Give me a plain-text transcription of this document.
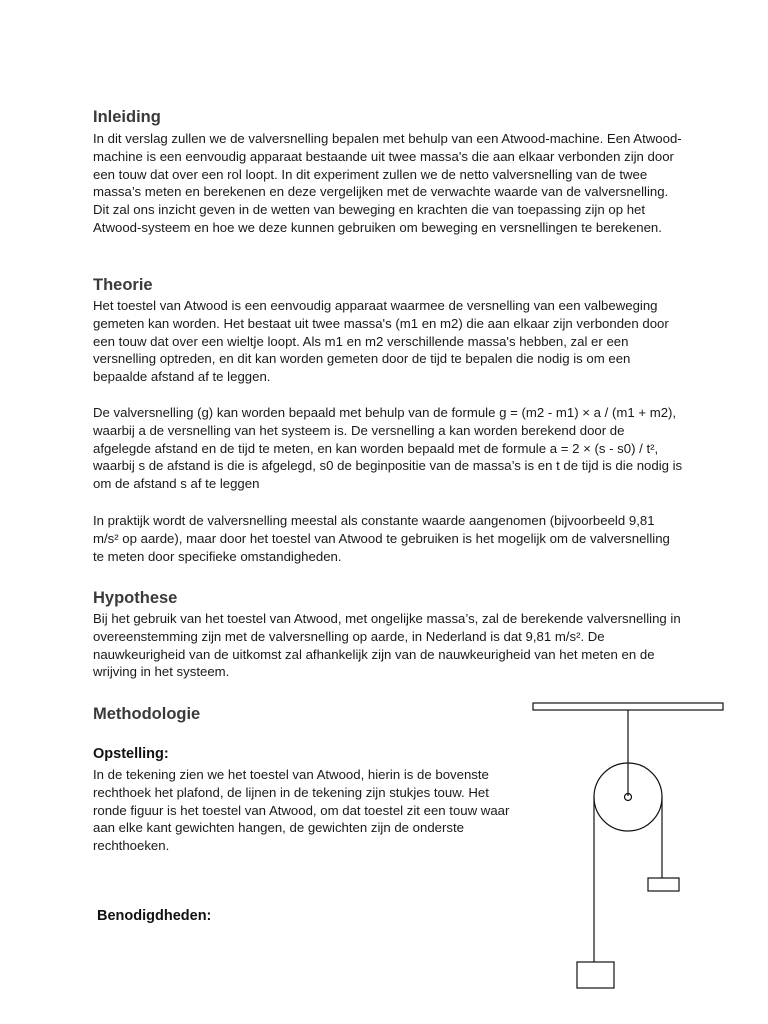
Inleiding

In dit verslag zullen we de valversnelling bepalen met behulp van een Atwood-machine. Een Atwood-machine is een eenvoudig apparaat bestaande uit twee massa's die aan elkaar verbonden zijn door een touw dat over een rol loopt. In dit experiment zullen we de netto valversnelling van de twee massa’s meten en berekenen en deze vergelijken met de verwachte waarde van de valversnelling. Dit zal ons inzicht geven in de wetten van beweging en krachten die van toepassing zijn op het Atwood-systeem en hoe we deze kunnen gebruiken om beweging en versnellingen te berekenen.

Theorie

Het toestel van Atwood is een eenvoudig apparaat waarmee de versnelling van een valbeweging gemeten kan worden. Het bestaat uit twee massa's (m1 en m2) die aan elkaar zijn verbonden door een touw dat over een wieltje loopt. Als m1 en m2 verschillende massa's hebben, zal er een versnelling optreden, en dit kan worden gemeten door de tijd te bepalen die nodig is om een bepaalde afstand af te leggen.

De valversnelling (g) kan worden bepaald met behulp van de formule g = (m2 - m1) × a / (m1 + m2), waarbij a de versnelling van het systeem is. De versnelling a kan worden berekend door de afgelegde afstand en de tijd te meten, en kan worden bepaald met de formule a = 2 × (s - s0) / t², waarbij s de afstand is die is afgelegd, s0 de beginpositie van de massa’s is en t de tijd is die nodig is om de afstand s af te leggen

In praktijk wordt de valversnelling meestal als constante waarde aangenomen (bijvoorbeeld 9,81 m/s² op aarde), maar door het toestel van Atwood te gebruiken is het mogelijk om de valversnelling te meten door specifieke omstandigheden.

Hypothese

Bij het gebruik van het toestel van Atwood, met ongelijke massa’s, zal de berekende valversnelling in overeenstemming zijn met de valversnelling op aarde, in Nederland is dat 9,81 m/s². De nauwkeurigheid van de uitkomst zal afhankelijk zijn van de nauwkeurigheid van het meten en de wrijving in het systeem.

Methodologie
Opstelling:

In de tekening zien we het toestel van Atwood, hierin is de bovenste rechthoek het plafond, de lijnen in de tekening zijn stukjes touw. Het ronde figuur is het toestel van Atwood, om dat toestel zit een touw waar aan elke kant gewichten hangen, de gewichten zijn de onderste rechthoeken.

Benodigdheden:
